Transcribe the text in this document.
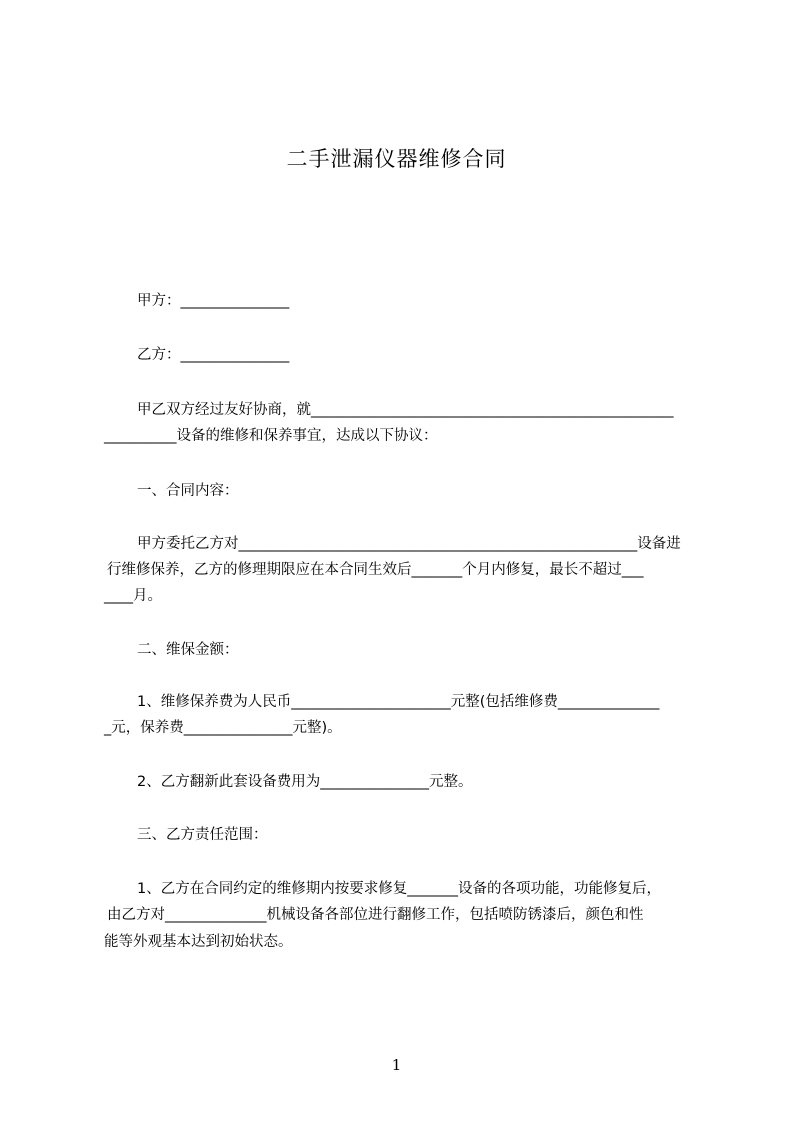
二手泄漏仪器维修合同
甲方：_______________
乙方：_______________
甲乙双方经过友好协商，就__________________________________________________
__________设备的维修和保养事宜，达成以下协议：
一、合同内容：
甲方委托乙方对_______________________________________________________设备进
行维修保养，乙方的修理期限应在本合同生效后_______个月内修复，最长不超过___
____月。
二、维保金额：
1、维修保养费为人民币______________________元整(包括维修费______________
_元，保养费_______________元整)。
2、乙方翻新此套设备费用为_______________元整。
三、乙方责任范围：
1、乙方在合同约定的维修期内按要求修复_______设备的各项功能，功能修复后，
由乙方对______________机械设备各部位进行翻修工作，包括喷防锈漆后，颜色和性
能等外观基本达到初始状态。
1
